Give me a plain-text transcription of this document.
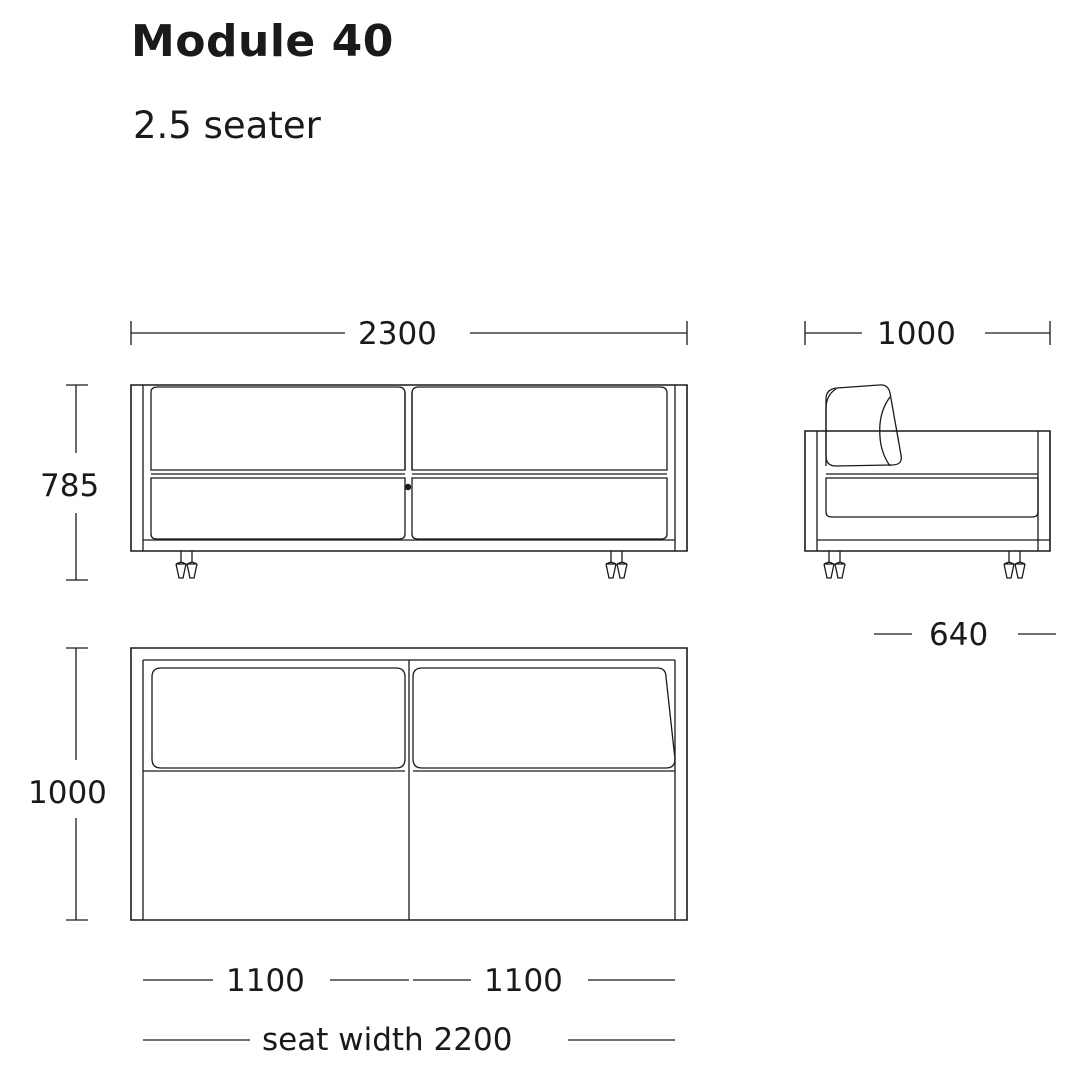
Module 40
2.5 seater
2300
785
1000
640
1000
1100	1100
seat width 2200
